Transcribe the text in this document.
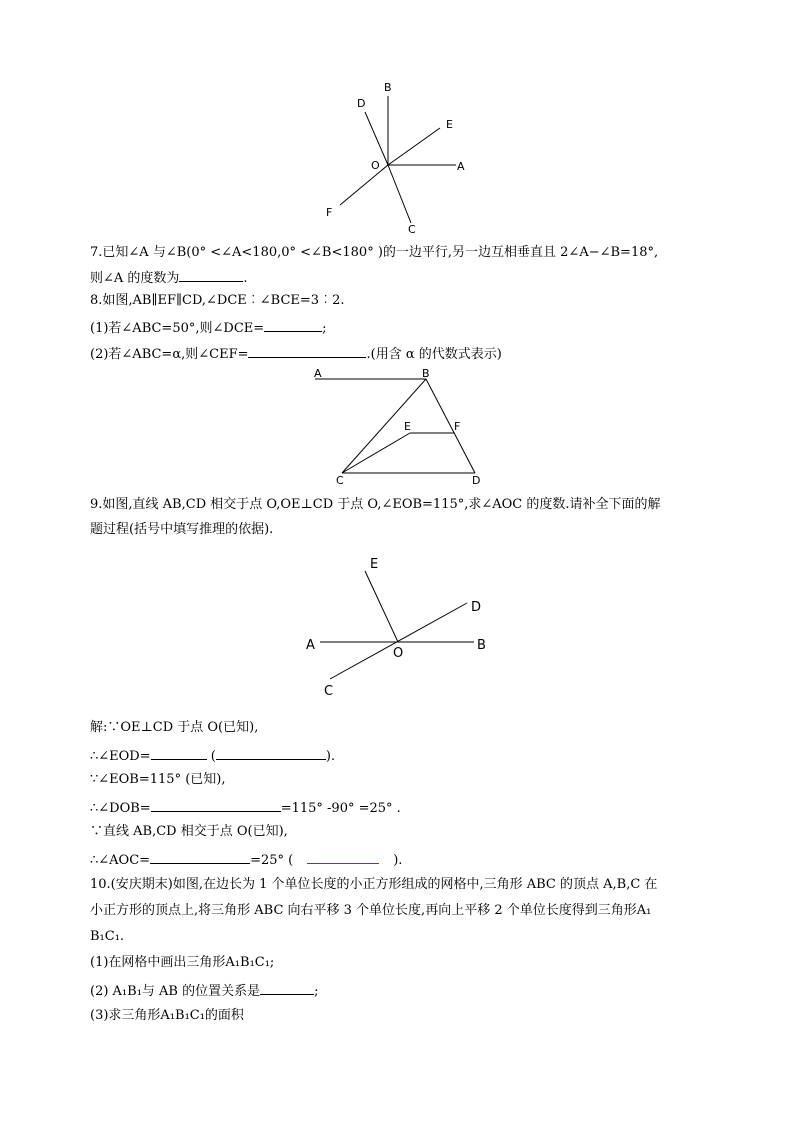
B
D
E
O	A
F
C
A	B
E	F
C	D
E
D
A
O
B
C
7.已知∠A 与∠B(0° <∠A<180,0° <∠B<180° )的一边平行,另一边互相垂直且 2∠A−∠B=18°,
则∠A 的度数为	.
8.如图,AB∥EF∥CD,∠DCE︰∠BCE=3︰2.
(1)若∠ABC=50°,则∠DCE=	;
(2)若∠ABC=α,则∠CEF=	.(用含 α 的代数式表示)
9.如图,直线 AB,CD 相交于点 O,OE⊥CD 于点 O,∠EOB=115°,求∠AOC 的度数.请补全下面的解
题过程(括号中填写推理的依据).
解:∵OE⊥CD 于点 O(已知),
∴∠EOD=	(	).
∵∠EOB=115° (已知),
∴∠DOB=	=115° -90° =25° .
∵直线 AB,CD 相交于点 O(已知),
∴∠AOC=	=25° (	).
10.(安庆期末)如图,在边长为 1 个单位长度的小正方形组成的网格中,三角形 ABC 的顶点 A,B,C 在
小正方形的顶点上,将三角形 ABC 向右平移 3 个单位长度,再向上平移 2 个单位长度得到三角形A₁
B₁C₁.
(1)在网格中画出三角形A₁B₁C₁;
(2) A₁B₁与 AB 的位置关系是	;
(3)求三角形A₁B₁C₁的面积
